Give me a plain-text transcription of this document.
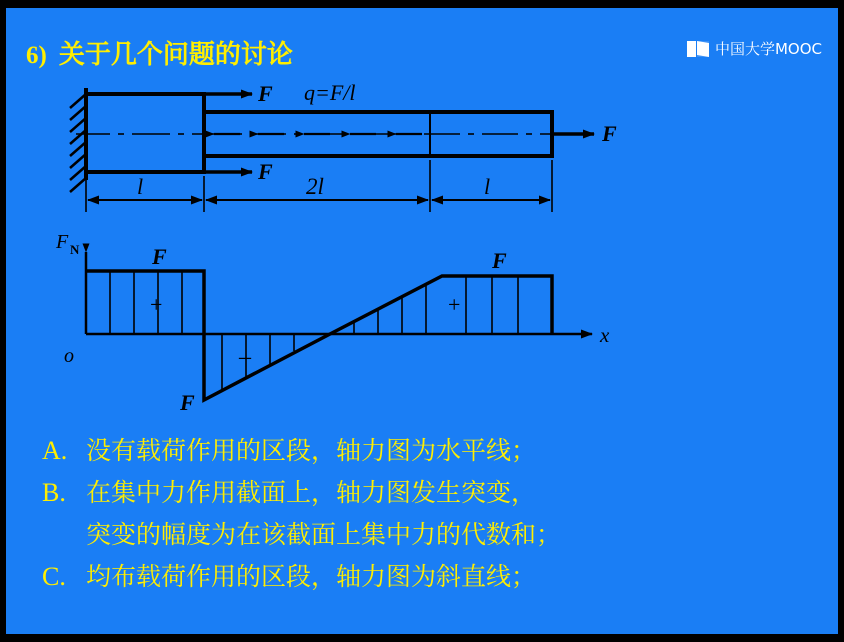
6) 关于几个问题的讨论	中国大学MOOC
F
F
F
q=F/l
l	2l	l
F N
x
o
+
–
+
F	F
F
A. 没有载荷作用的区段，轴力图为水平线；
B. 在集中力作用截面上，轴力图发生突变，
突变的幅度为在该截面上集中力的代数和；
C. 均布载荷作用的区段，轴力图为斜直线；
